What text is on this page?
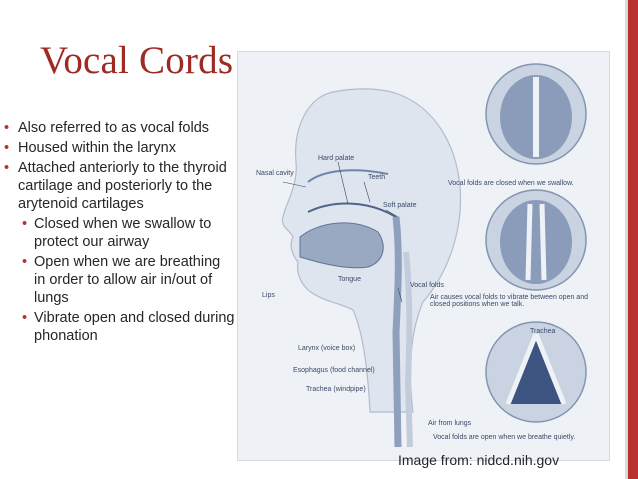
Vocal Cords
• Also referred to as vocal folds
• Housed within the larynx
• Attached anteriorly to the thyroid cartilage and posteriorly to the arytenoid cartilages
• Closed when we swallow to protect our airway
• Open when we are breathing in order to allow air in/out of lungs
• Vibrate open and closed during phonation
Nasal cavity
Hard palate
Teeth
Soft palate
Lips
Tongue
Vocal folds
Larynx (voice box)
Esophagus (food channel)
Trachea (windpipe)
Air from lungs
Trachea
Vocal folds are closed when we swallow.
Air causes vocal folds to vibrate between open and closed positions when we talk.
Vocal folds are open when we breathe quietly.
Image from: nidcd.nih.gov
